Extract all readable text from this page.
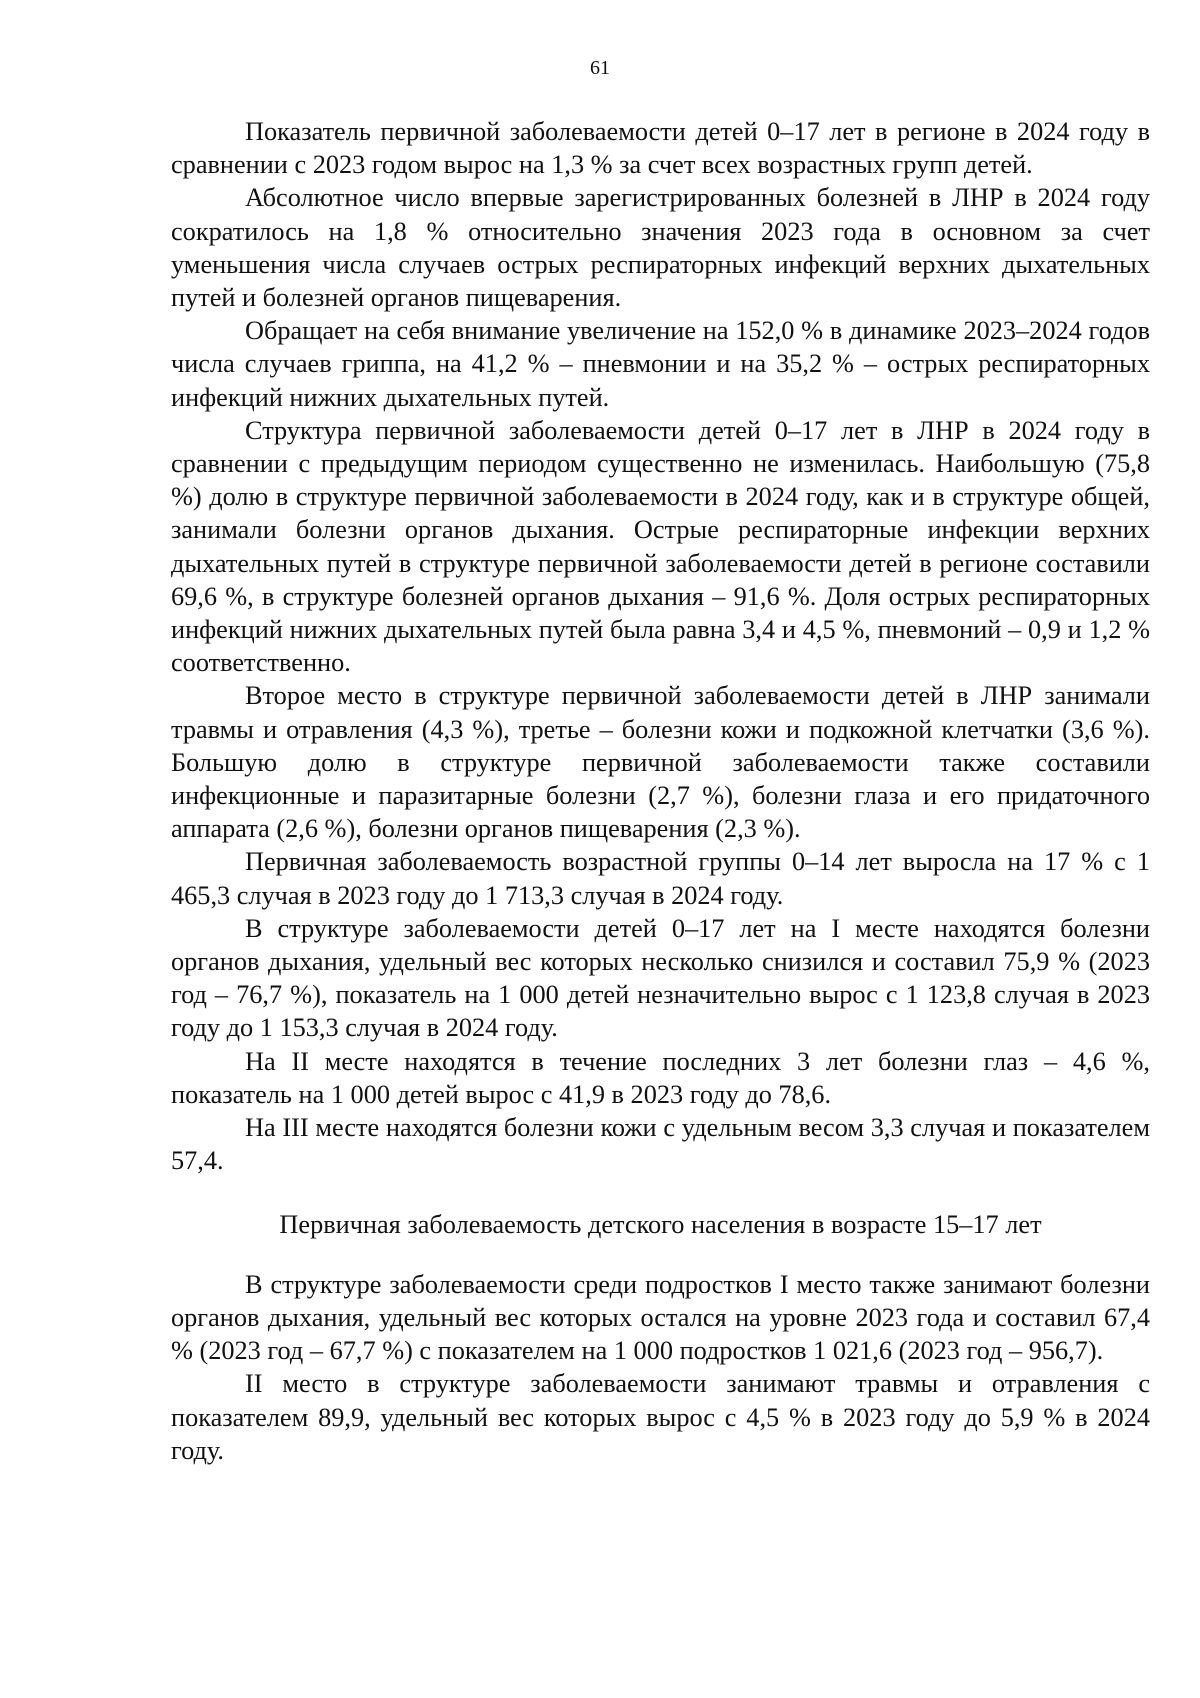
61

Показатель первичной заболеваемости детей 0–17 лет в регионе в 2024 году в сравнении с 2023 годом вырос на 1,3 % за счет всех возрастных групп детей.

Абсолютное число впервые зарегистрированных болезней в ЛНР в 2024 году сократилось на 1,8 % относительно значения 2023 года в основном за счет уменьшения числа случаев острых респираторных инфекций верхних дыхательных путей и болезней органов пищеварения.

Обращает на себя внимание увеличение на 152,0 % в динамике 2023–2024 годов числа случаев гриппа, на 41,2 % – пневмонии и на 35,2 % – острых респираторных инфекций нижних дыхательных путей.

Структура первичной заболеваемости детей 0–17 лет в ЛНР в 2024 году в сравнении с предыдущим периодом существенно не изменилась. Наибольшую (75,8 %) долю в структуре первичной заболеваемости в 2024 году, как и в структуре общей, занимали болезни органов дыхания. Острые респираторные инфекции верхних дыхательных путей в структуре первичной заболеваемости детей в регионе составили 69,6 %, в структуре болезней органов дыхания – 91,6 %. Доля острых респираторных инфекций нижних дыхательных путей была равна 3,4 и 4,5 %, пневмоний – 0,9 и 1,2 % соответственно.

Второе место в структуре первичной заболеваемости детей в ЛНР занимали травмы и отравления (4,3 %), третье – болезни кожи и подкожной клетчатки (3,6 %). Большую долю в структуре первичной заболеваемости также составили инфекционные и паразитарные болезни (2,7 %), болезни глаза и его придаточного аппарата (2,6 %), болезни органов пищеварения (2,3 %).

Первичная заболеваемость возрастной группы 0–14 лет выросла на 17 % с 1 465,3 случая в 2023 году до 1 713,3 случая в 2024 году.

В структуре заболеваемости детей 0–17 лет на I месте находятся болезни органов дыхания, удельный вес которых несколько снизился и составил 75,9 % (2023 год – 76,7 %), показатель на 1 000 детей незначительно вырос с 1 123,8 случая в 2023 году до 1 153,3 случая в 2024 году.

На II месте находятся в течение последних 3 лет болезни глаз – 4,6 %, показатель на 1 000 детей вырос с 41,9 в 2023 году до 78,6.

На III месте находятся болезни кожи с удельным весом 3,3 случая и показателем 57,4.

Первичная заболеваемость детского населения в возрасте 15–17 лет

В структуре заболеваемости среди подростков I место также занимают болезни органов дыхания, удельный вес которых остался на уровне 2023 года и составил 67,4 % (2023 год – 67,7 %) с показателем на 1 000 подростков 1 021,6 (2023 год – 956,7).

II место в структуре заболеваемости занимают травмы и отравления с показателем 89,9, удельный вес которых вырос с 4,5 % в 2023 году до 5,9 % в 2024 году.
